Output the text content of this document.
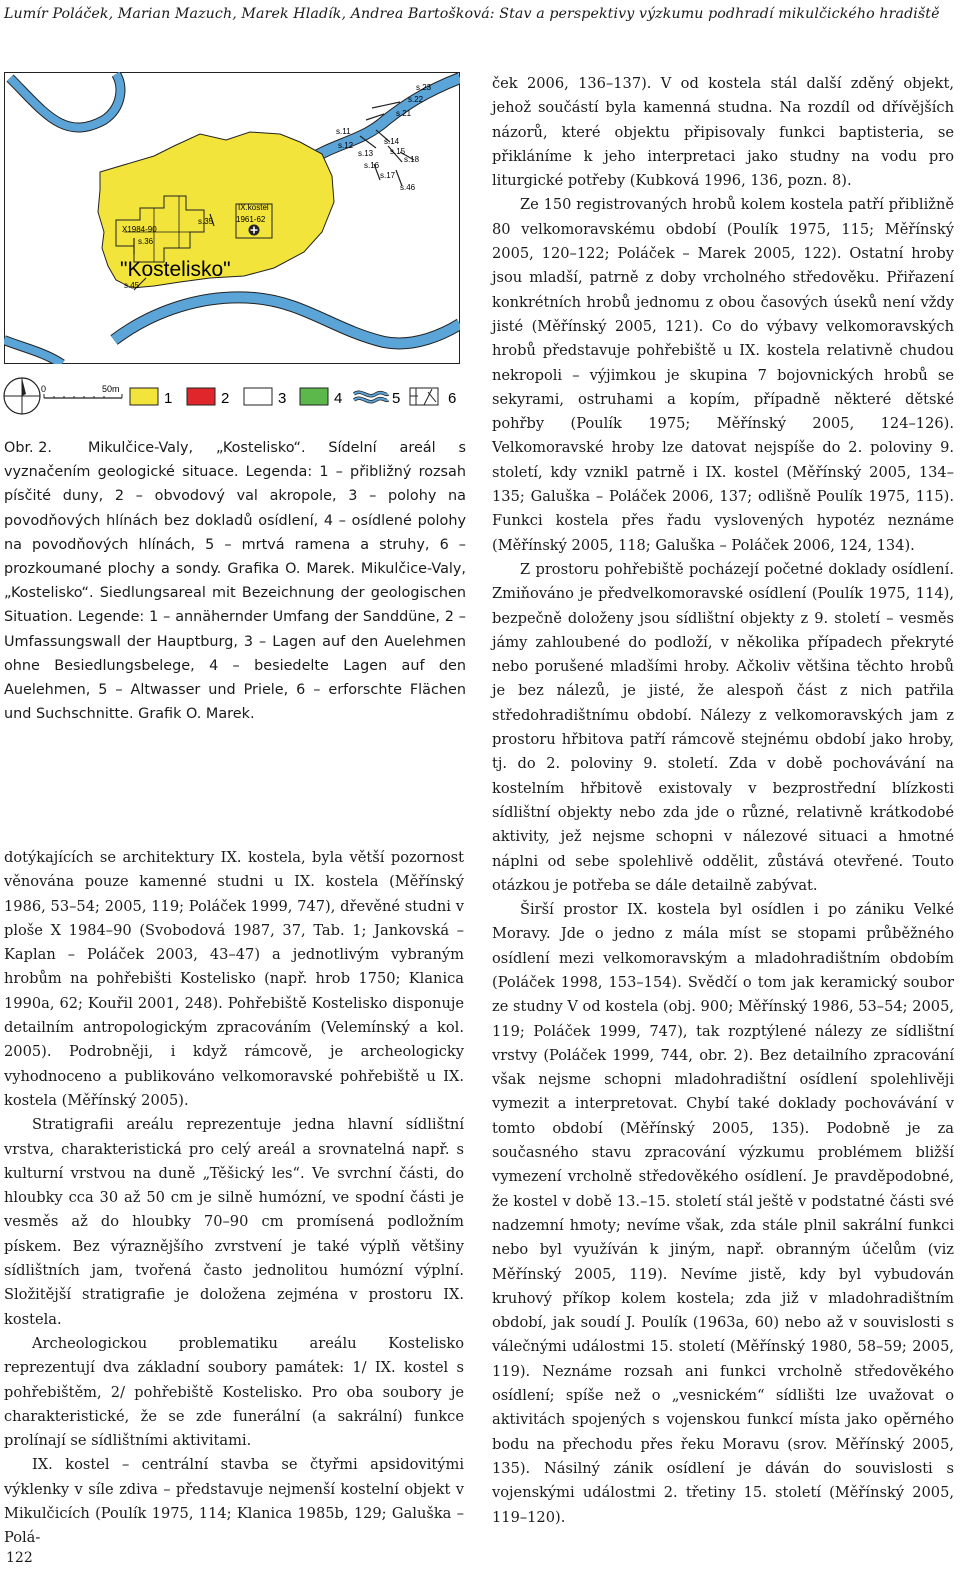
Lumír Poláček, Marian Mazuch, Marek Hladík, Andrea Bartošková: Stav a perspektivy výzkumu podhradí mikulčického hradiště
s.23
s.22
s.21
s.11
s.12
s.13
s.14
s.15
s.16
s.17
s.18
s.46
IX.kostel
1961-62
s.35
X1984-90
s.36
s.45
"Kostelisko"
0	50m
1	2	3	4	5	6
Obr. 2.	Mikulčice-Valy, „Kostelisko“. Sídelní areál s vyznačením geologické situace. Legenda: 1 – přibližný rozsah písčité duny, 2 – obvodový val akropole, 3 – polohy na povodňových hlínách bez dokladů osídlení, 4 – osídlené polohy na povodňových hlínách, 5 – mrtvá ramena a struhy, 6 – prozkoumané plochy a sondy. Grafika O. Marek. Mikulčice-Valy, „Kostelisko“. Siedlungsareal mit Bezeichnung der geologischen Situation. Legende: 1 – annähernder Umfang der Sanddüne, 2 – Umfassungswall der Hauptburg, 3 – Lagen auf den Auelehmen ohne Besiedlungsbelege, 4 – besiedelte Lagen auf den Auelehmen, 5 – Altwasser und Priele, 6 – erforschte Flächen und Suchschnitte. Grafik O. Marek.

dotýkajících se architektury IX. kostela, byla větší pozornost věnována pouze kamenné studni u IX. kostela (Měřínský 1986, 53–54; 2005, 119; Poláček 1999, 747), dřevěné studni v ploše X 1984–90 (Svobodová 1987, 37, Tab. 1; Jankovská – Kaplan – Poláček 2003, 43–47) a jednotlivým vybraným hrobům na pohřebišti Kostelisko (např. hrob 1750; Klanica 1990a, 62; Kouřil 2001, 248). Pohřebiště Kostelisko disponuje detailním antropologickým zpracováním (Velemínský a kol. 2005). Podrobněji, i když rámcově, je archeologicky vyhodnoceno a publikováno velkomoravské pohřebiště u IX. kostela (Měřínský 2005).

Stratigrafii areálu reprezentuje jedna hlavní sídlištní vrstva, charakteristická pro celý areál a srovnatelná např. s kulturní vrstvou na duně „Těšický les“. Ve svrchní části, do hloubky cca 30 až 50 cm je silně humózní, ve spodní části je vesměs až do hloubky 70–90 cm promísená podložním pískem. Bez výraznějšího zvrstvení je také výplň většiny sídlištních jam, tvořená často jednolitou humózní výplní. Složitější stratigrafie je doložena zejména v prostoru IX. kostela.

Archeologickou problematiku areálu Kostelisko reprezentují dva základní soubory památek: 1/ IX. kostel s pohřebištěm, 2/ pohřebiště Kostelisko. Pro oba soubory je charakteristické, že se zde funerální (a sakrální) funkce prolínají se sídlištními aktivitami.

IX. kostel – centrální stavba se čtyřmi apsidovitými výklenky v síle zdiva – představuje nejmenší kostelní objekt v Mikulčicích (Poulík 1975, 114; Klanica 1985b, 129; Galuška – Polá-

ček 2006, 136–137). V od kostela stál další zděný objekt, jehož součástí byla kamenná studna. Na rozdíl od dřívějších názorů, které objektu připisovaly funkci baptisteria, se přikláníme k jeho interpretaci jako studny na vodu pro liturgické potřeby (Kubková 1996, 136, pozn. 8).

Ze 150 registrovaných hrobů kolem kostela patří přibližně 80 velkomoravskému období (Poulík 1975, 115; Měřínský 2005, 120–122; Poláček – Marek 2005, 122). Ostatní hroby jsou mladší, patrně z doby vrcholného středověku. Přiřazení konkrétních hrobů jednomu z obou časových úseků není vždy jisté (Měřínský 2005, 121). Co do výbavy velkomoravských hrobů představuje pohřebiště u IX. kostela relativně chudou nekropoli – výjimkou je skupina 7 bojovnických hrobů se sekyrami, ostruhami a kopím, případně některé dětské pohřby (Poulík 1975; Měřínský 2005, 124–126). Velkomoravské hroby lze datovat nejspíše do 2. poloviny 9. století, kdy vznikl patrně i IX. kostel (Měřínský 2005, 134–135; Galuška – Poláček 2006, 137; odlišně Poulík 1975, 115). Funkci kostela přes řadu vyslovených hypotéz neznáme (Měřínský 2005, 118; Galuška – Poláček 2006, 124, 134).

Z prostoru pohřebiště pocházejí početné doklady osídlení. Zmiňováno je předvelkomoravské osídlení (Poulík 1975, 114), bezpečně doloženy jsou sídlištní objekty z 9. století – vesměs jámy zahloubené do podloží, v několika případech překryté nebo porušené mladšími hroby. Ačkoliv většina těchto hrobů je bez nálezů, je jisté, že alespoň část z nich patřila středohradištnímu období. Nálezy z velkomoravských jam z prostoru hřbitova patří rámcově stejnému období jako hroby, tj. do 2. poloviny 9. století. Zda v době pochovávání na kostelním hřbitově existovaly v bezprostřední blízkosti sídlištní objekty nebo zda jde o různé, relativně krátkodobé aktivity, jež nejsme schopni v nálezové situaci a hmotné náplni od sebe spolehlivě oddělit, zůstává otevřené. Touto otázkou je potřeba se dále detailně zabývat.

Širší prostor IX. kostela byl osídlen i po zániku Velké Moravy. Jde o jedno z mála míst se stopami průběžného osídlení mezi velkomoravským a mladohradištním obdobím (Poláček 1998, 153–154). Svědčí o tom jak keramický soubor ze studny V od kostela (obj. 900; Měřínský 1986, 53–54; 2005, 119; Poláček 1999, 747), tak rozptýlené nálezy ze sídlištní vrstvy (Poláček 1999, 744, obr. 2). Bez detailního zpracování však nejsme schopni mladohradištní osídlení spolehlivěji vymezit a interpretovat. Chybí také doklady pochovávání v tomto období (Měřínský 2005, 135). Podobně je za současného stavu zpracování výzkumu problémem bližší vymezení vrcholně středověkého osídlení. Je pravděpodobné, že kostel v době 13.–15. století stál ještě v podstatné části své nadzemní hmoty; nevíme však, zda stále plnil sakrální funkci nebo byl využíván k jiným, např. obranným účelům (viz Měřínský 2005, 119). Nevíme jistě, kdy byl vybudován kruhový příkop kolem kostela; zda již v mladohradištním období, jak soudí J. Poulík (1963a, 60) nebo až v souvislosti s válečnými událostmi 15. století (Měřínský 1980, 58–59; 2005, 119). Neznáme rozsah ani funkci vrcholně středověkého osídlení; spíše než o „vesnickém“ sídlišti lze uvažovat o aktivitách spojených s vojenskou funkcí místa jako opěrného bodu na přechodu přes řeku Moravu (srov. Měřínský 2005, 135). Násilný zánik osídlení je dáván do souvislosti s vojenskými událostmi 2. třetiny 15. století (Měřínský 2005, 119–120).

122
